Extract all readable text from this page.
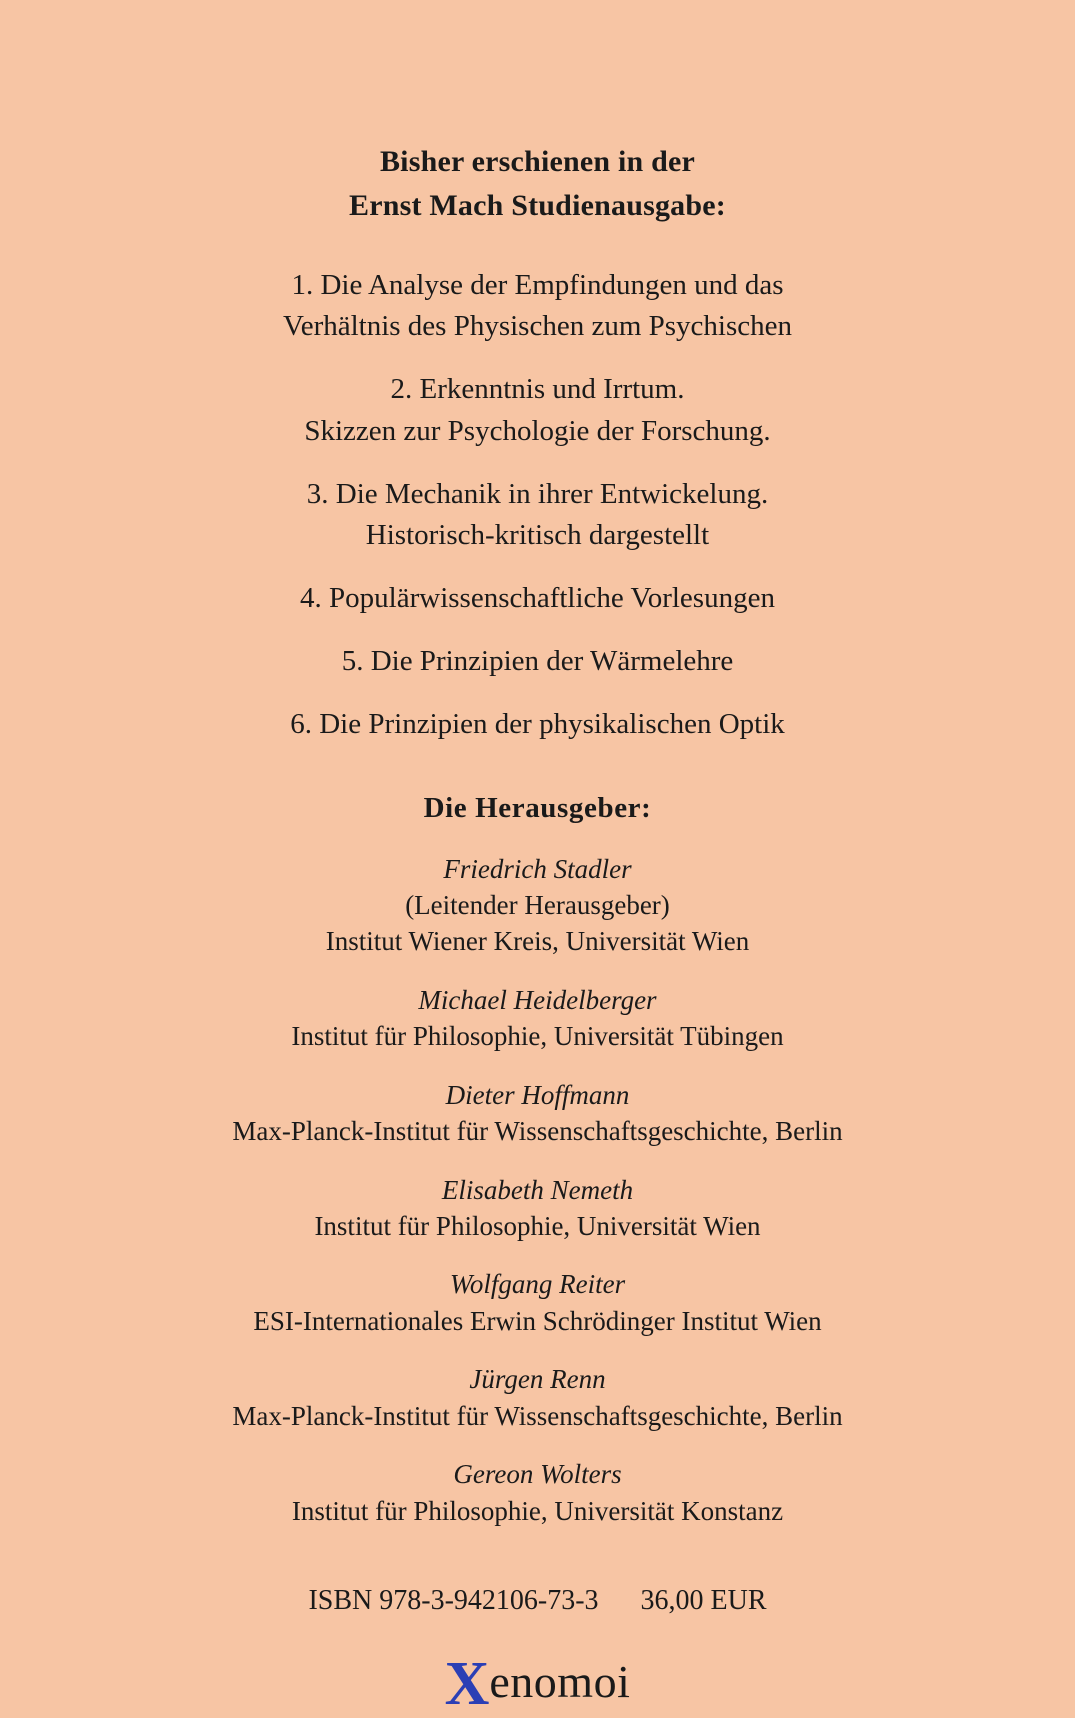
Bisher erschienen in der
Ernst Mach Studienausgabe:
1. Die Analyse der Empfindungen und das
Verhältnis des Physischen zum Psychischen
2. Erkenntnis und Irrtum.
Skizzen zur Psychologie der Forschung.
3. Die Mechanik in ihrer Entwickelung.
Historisch-kritisch dargestellt
4. Populärwissenschaftliche Vorlesungen
5. Die Prinzipien der Wärmelehre
6. Die Prinzipien der physikalischen Optik
Die Herausgeber:
Friedrich Stadler
(Leitender Herausgeber)
Institut Wiener Kreis, Universität Wien
Michael Heidelberger
Institut für Philosophie, Universität Tübingen
Dieter Hoffmann
Max-Planck-Institut für Wissenschaftsgeschichte, Berlin
Elisabeth Nemeth
Institut für Philosophie, Universität Wien
Wolfgang Reiter
ESI-Internationales Erwin Schrödinger Institut Wien
Jürgen Renn
Max-Planck-Institut für Wissenschaftsgeschichte, Berlin
Gereon Wolters
Institut für Philosophie, Universität Konstanz
ISBN 978-3-942106-73-3 36,00 EUR
X enomoi
